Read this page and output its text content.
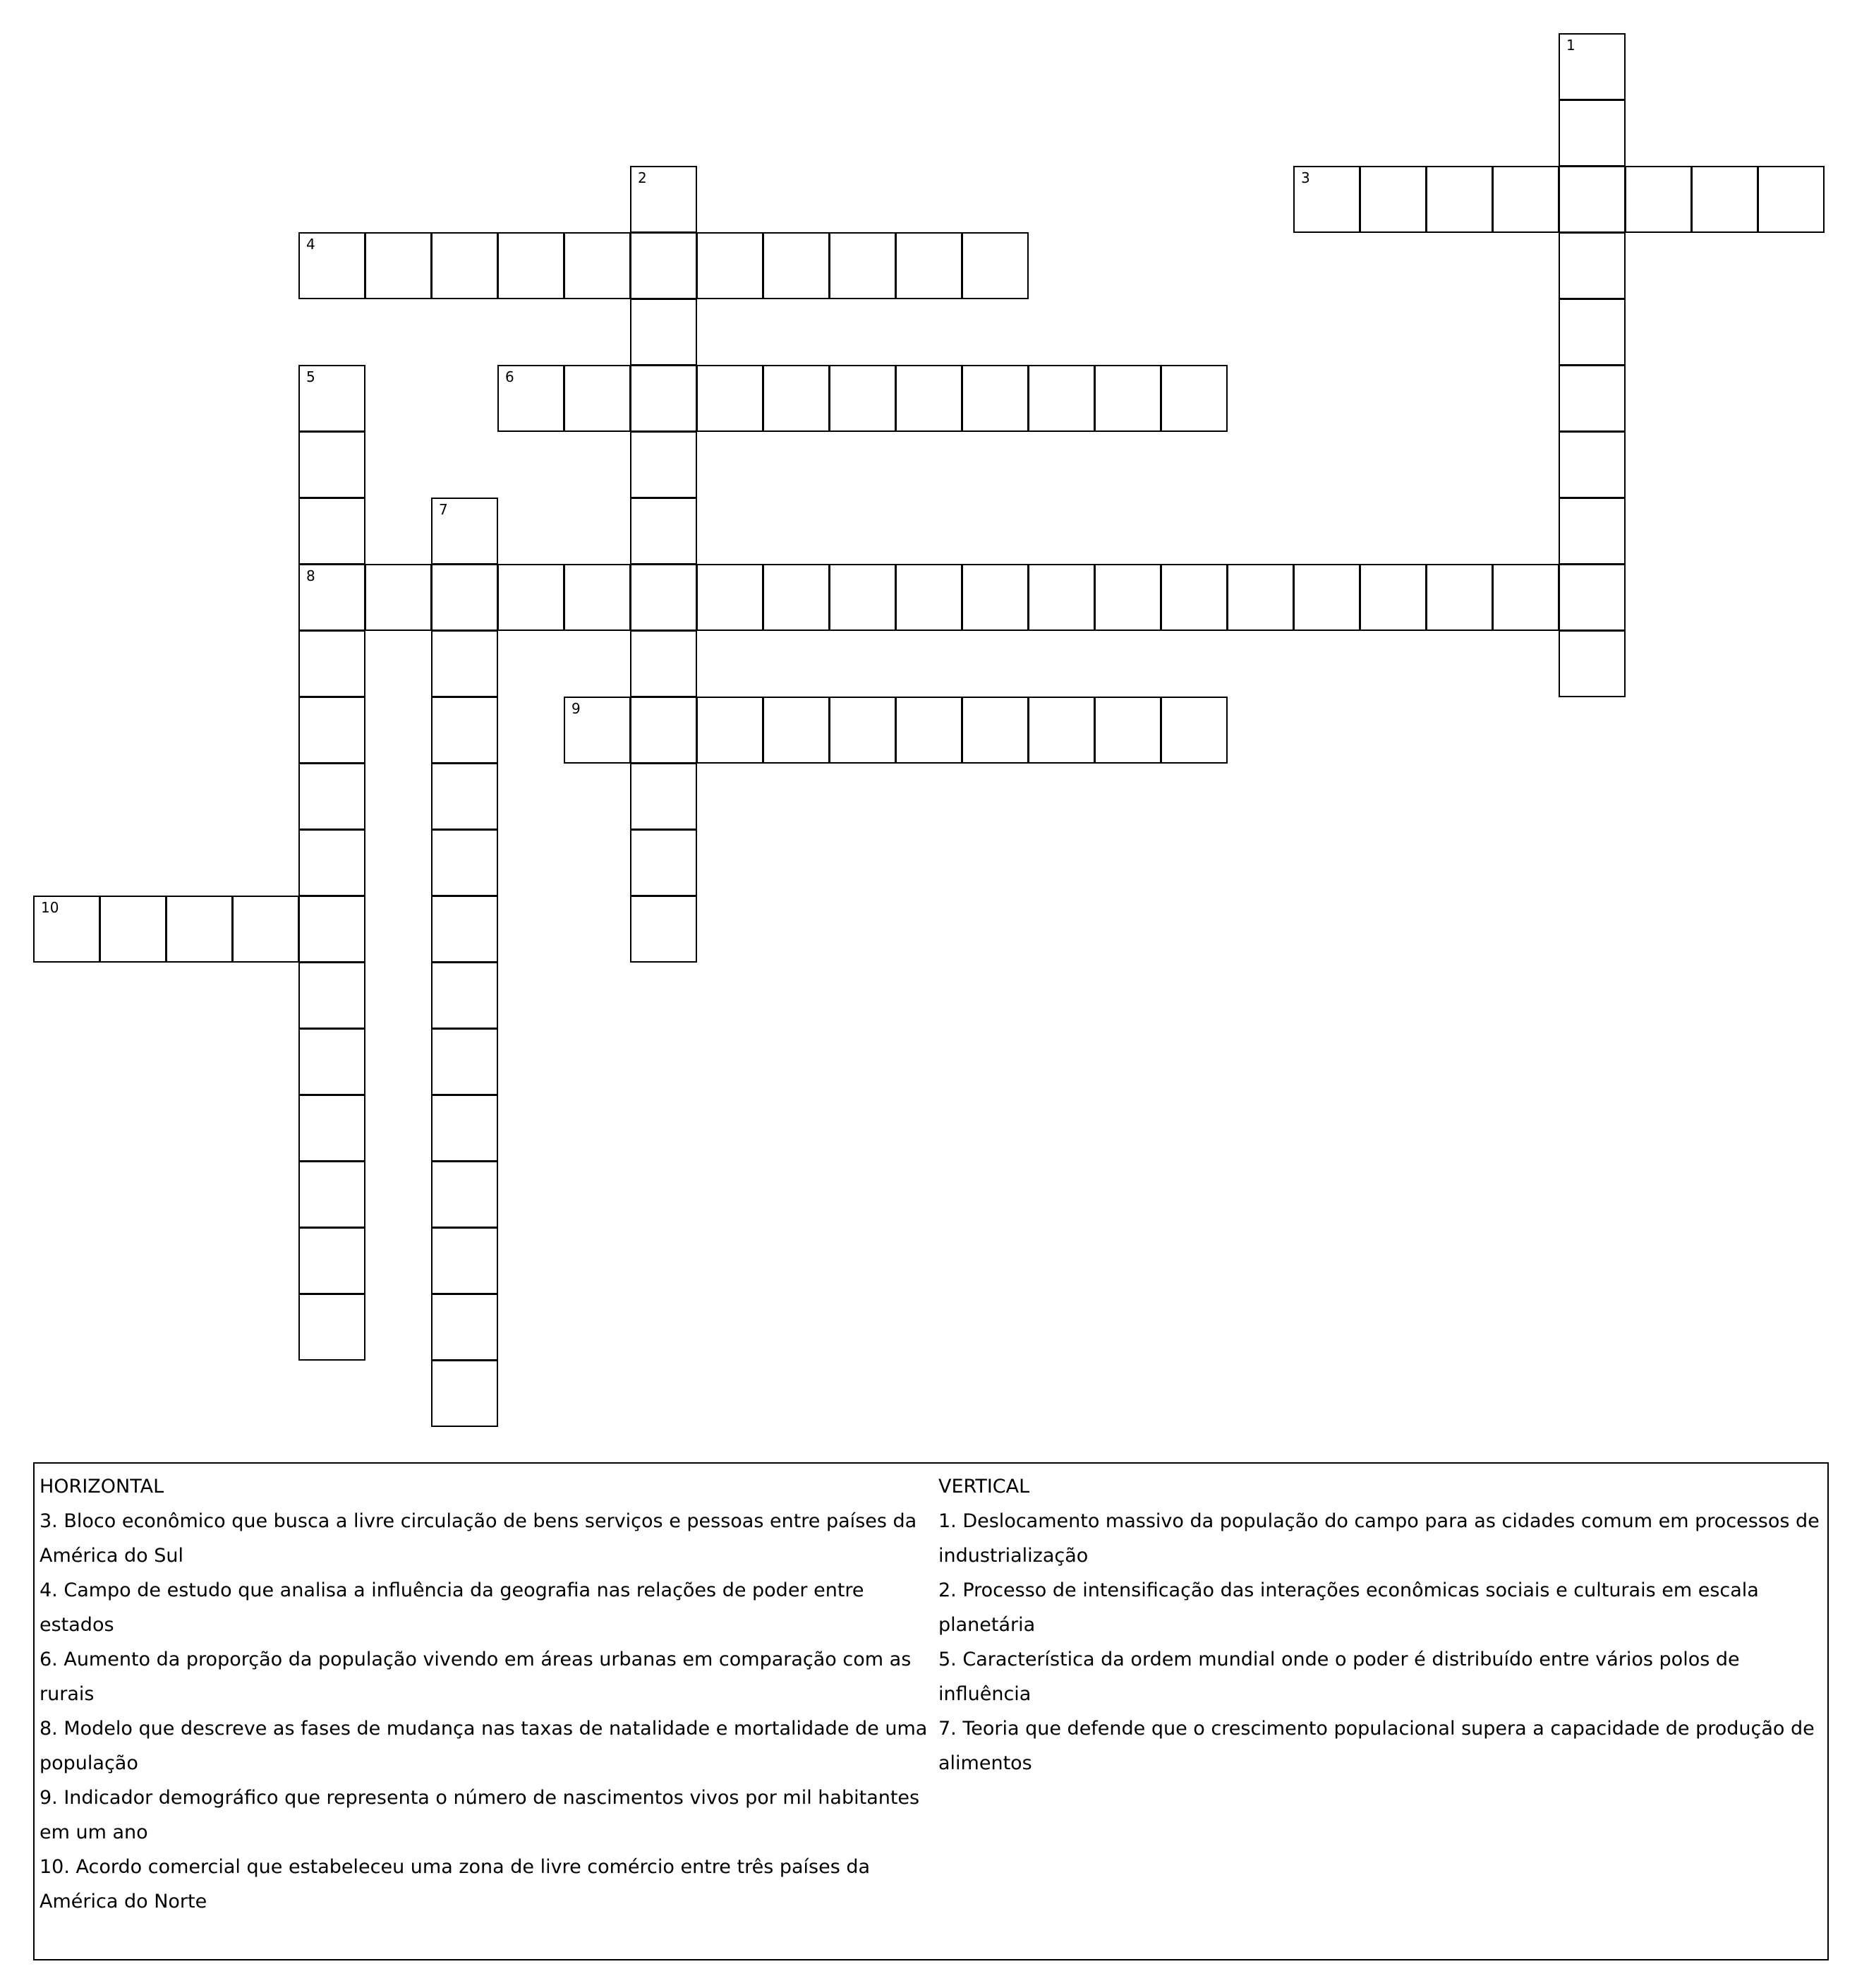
1
2	3
4
5
8
6
7
9
10

HORIZONTAL

3. Bloco econômico que busca a livre circulação de bens serviços e pessoas entre países da América do Sul

4. Campo de estudo que analisa a influência da geografia nas relações de poder entre estados

6. Aumento da proporção da população vivendo em áreas urbanas em comparação com as rurais

8. Modelo que descreve as fases de mudança nas taxas de natalidade e mortalidade de uma população

9. Indicador demográfico que representa o número de nascimentos vivos por mil habitantes em um ano

10. Acordo comercial que estabeleceu uma zona de livre comércio entre três países da América do Norte

VERTICAL

1. Deslocamento massivo da população do campo para as cidades comum em processos de industrialização

2. Processo de intensificação das interações econômicas sociais e culturais em escala planetária

5. Característica da ordem mundial onde o poder é distribuído entre vários polos de influência

7. Teoria que defende que o crescimento populacional supera a capacidade de produção de alimentos
